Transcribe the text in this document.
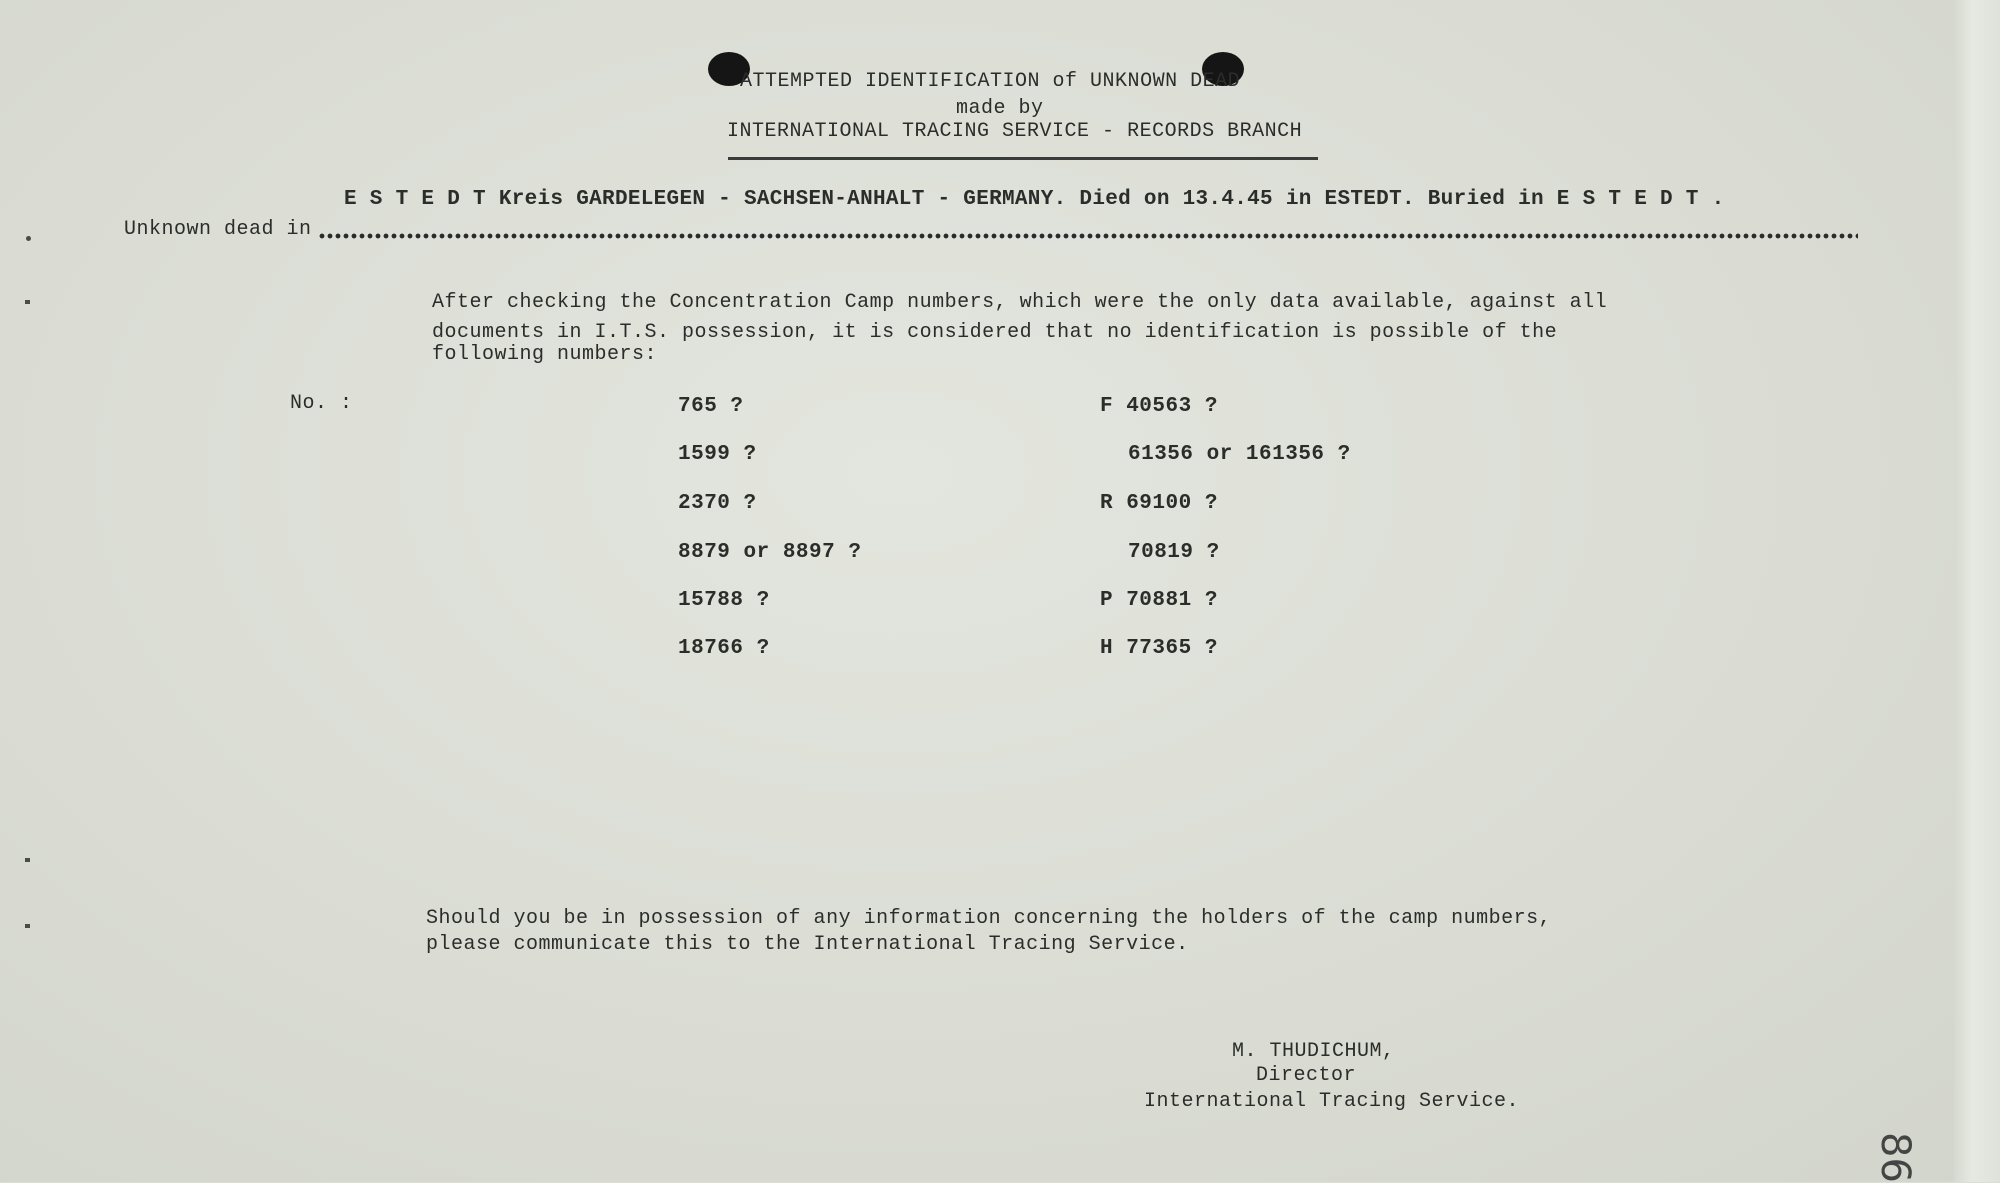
ATTEMPTED IDENTIFICATION of UNKNOWN DEAD
made by
INTERNATIONAL TRACING SERVICE - RECORDS BRANCH
E S T E D T Kreis GARDELEGEN - SACHSEN-ANHALT - GERMANY. Died on 13.4.45 in ESTEDT. Buried in E S T E D T .
Unknown dead in
After checking the Concentration Camp numbers, which were the only data available, against all
documents in I.T.S. possession, it is considered that no identification is possible of the
following numbers:
No. :	765 ?
1599 ?
2370 ?
8879 or 8897 ?
15788 ?
18766 ?
F 40563 ?
61356 or 161356 ?
R 69100 ?
70819 ?
P 70881 ?
H 77365 ?
Should you be in possession of any information concerning the holders of the camp numbers,
please communicate this to the International Tracing Service.
M. THUDICHUM,
Director
International Tracing Service.
86
